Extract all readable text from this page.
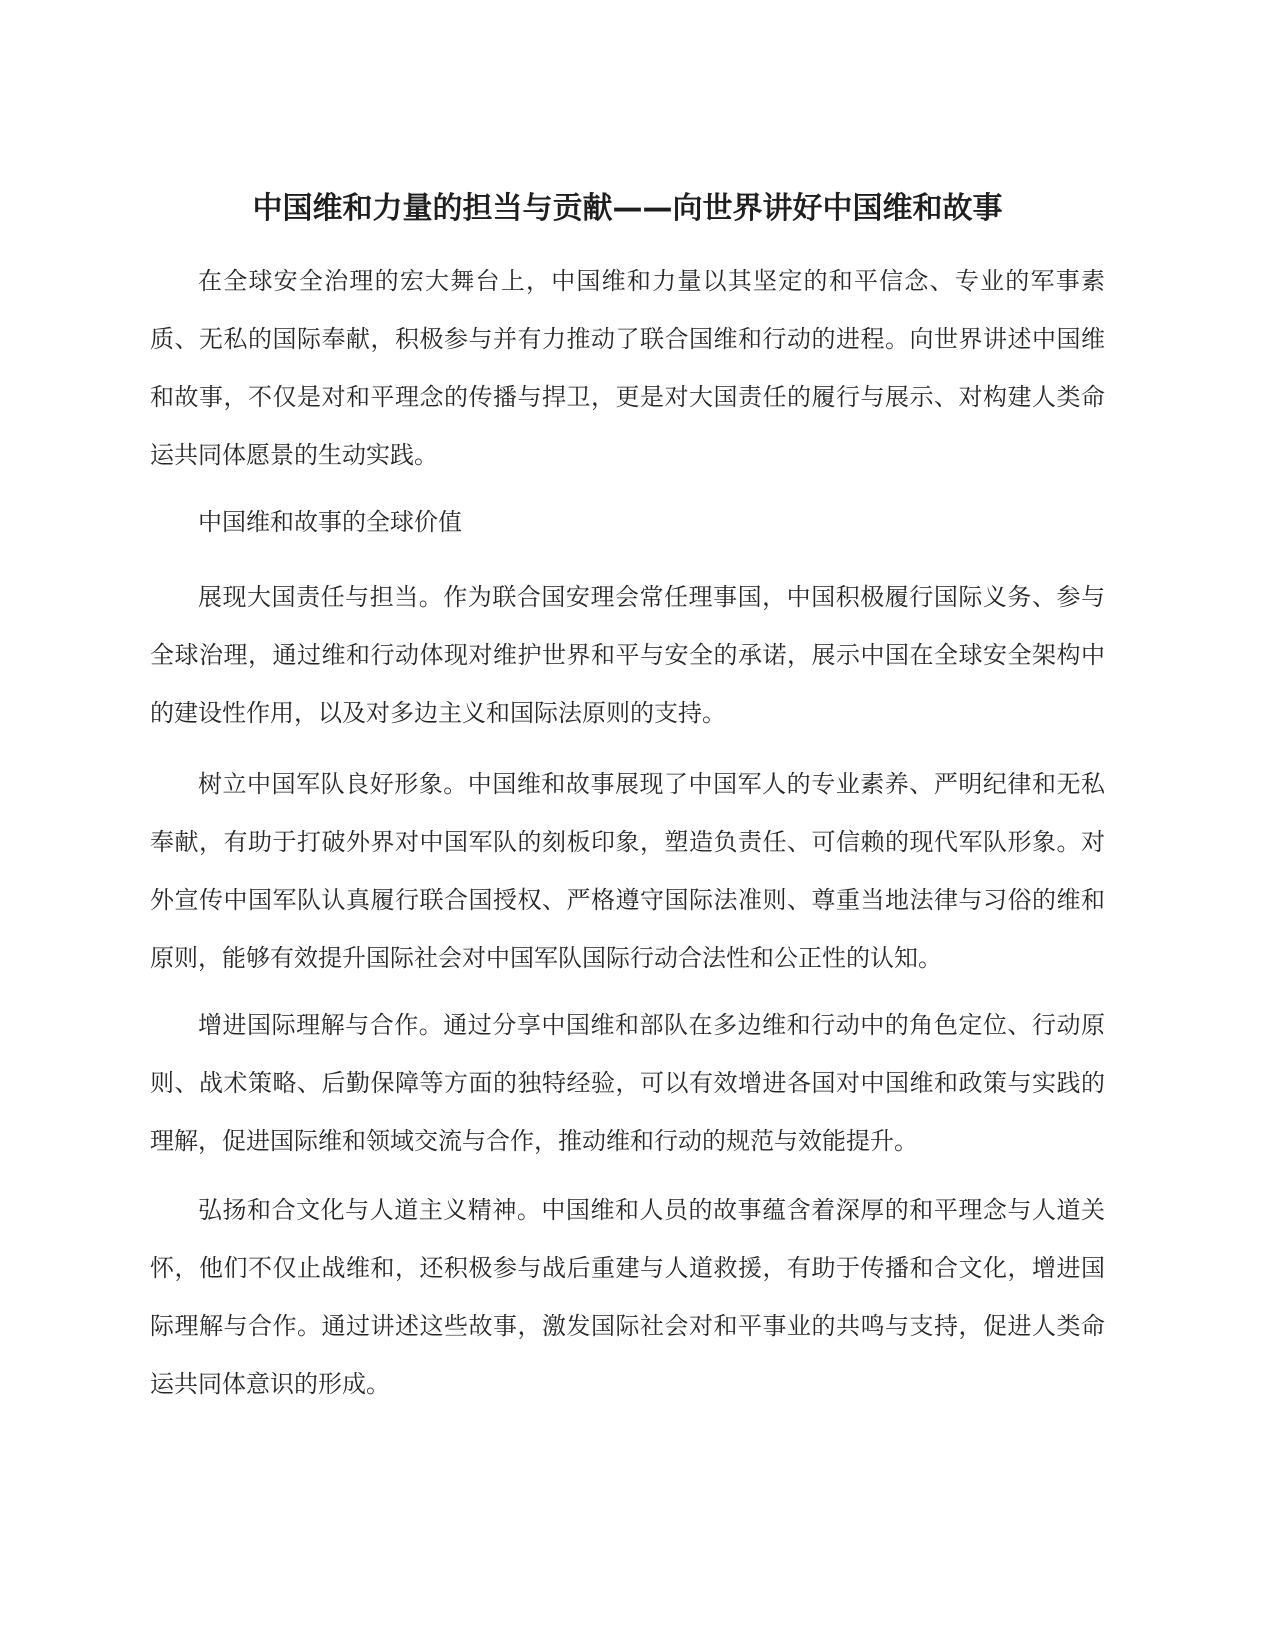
中国维和力量的担当与贡献——向世界讲好中国维和故事

在全球安全治理的宏大舞台上，中国维和力量以其坚定的和平信念、专业的军事素质、无私的国际奉献，积极参与并有力推动了联合国维和行动的进程。向世界讲述中国维和故事，不仅是对和平理念的传播与捍卫，更是对大国责任的履行与展示、对构建人类命运共同体愿景的生动实践。

中国维和故事的全球价值

展现大国责任与担当。作为联合国安理会常任理事国，中国积极履行国际义务、参与全球治理，通过维和行动体现对维护世界和平与安全的承诺，展示中国在全球安全架构中的建设性作用，以及对多边主义和国际法原则的支持。

树立中国军队良好形象。中国维和故事展现了中国军人的专业素养、严明纪律和无私奉献，有助于打破外界对中国军队的刻板印象，塑造负责任、可信赖的现代军队形象。对外宣传中国军队认真履行联合国授权、严格遵守国际法准则、尊重当地法律与习俗的维和原则，能够有效提升国际社会对中国军队国际行动合法性和公正性的认知。

增进国际理解与合作。通过分享中国维和部队在多边维和行动中的角色定位、行动原则、战术策略、后勤保障等方面的独特经验，可以有效增进各国对中国维和政策与实践的理解，促进国际维和领域交流与合作，推动维和行动的规范与效能提升。

弘扬和合文化与人道主义精神。中国维和人员的故事蕴含着深厚的和平理念与人道关怀，他们不仅止战维和，还积极参与战后重建与人道救援，有助于传播和合文化，增进国际理解与合作。通过讲述这些故事，激发国际社会对和平事业的共鸣与支持，促进人类命运共同体意识的形成。
